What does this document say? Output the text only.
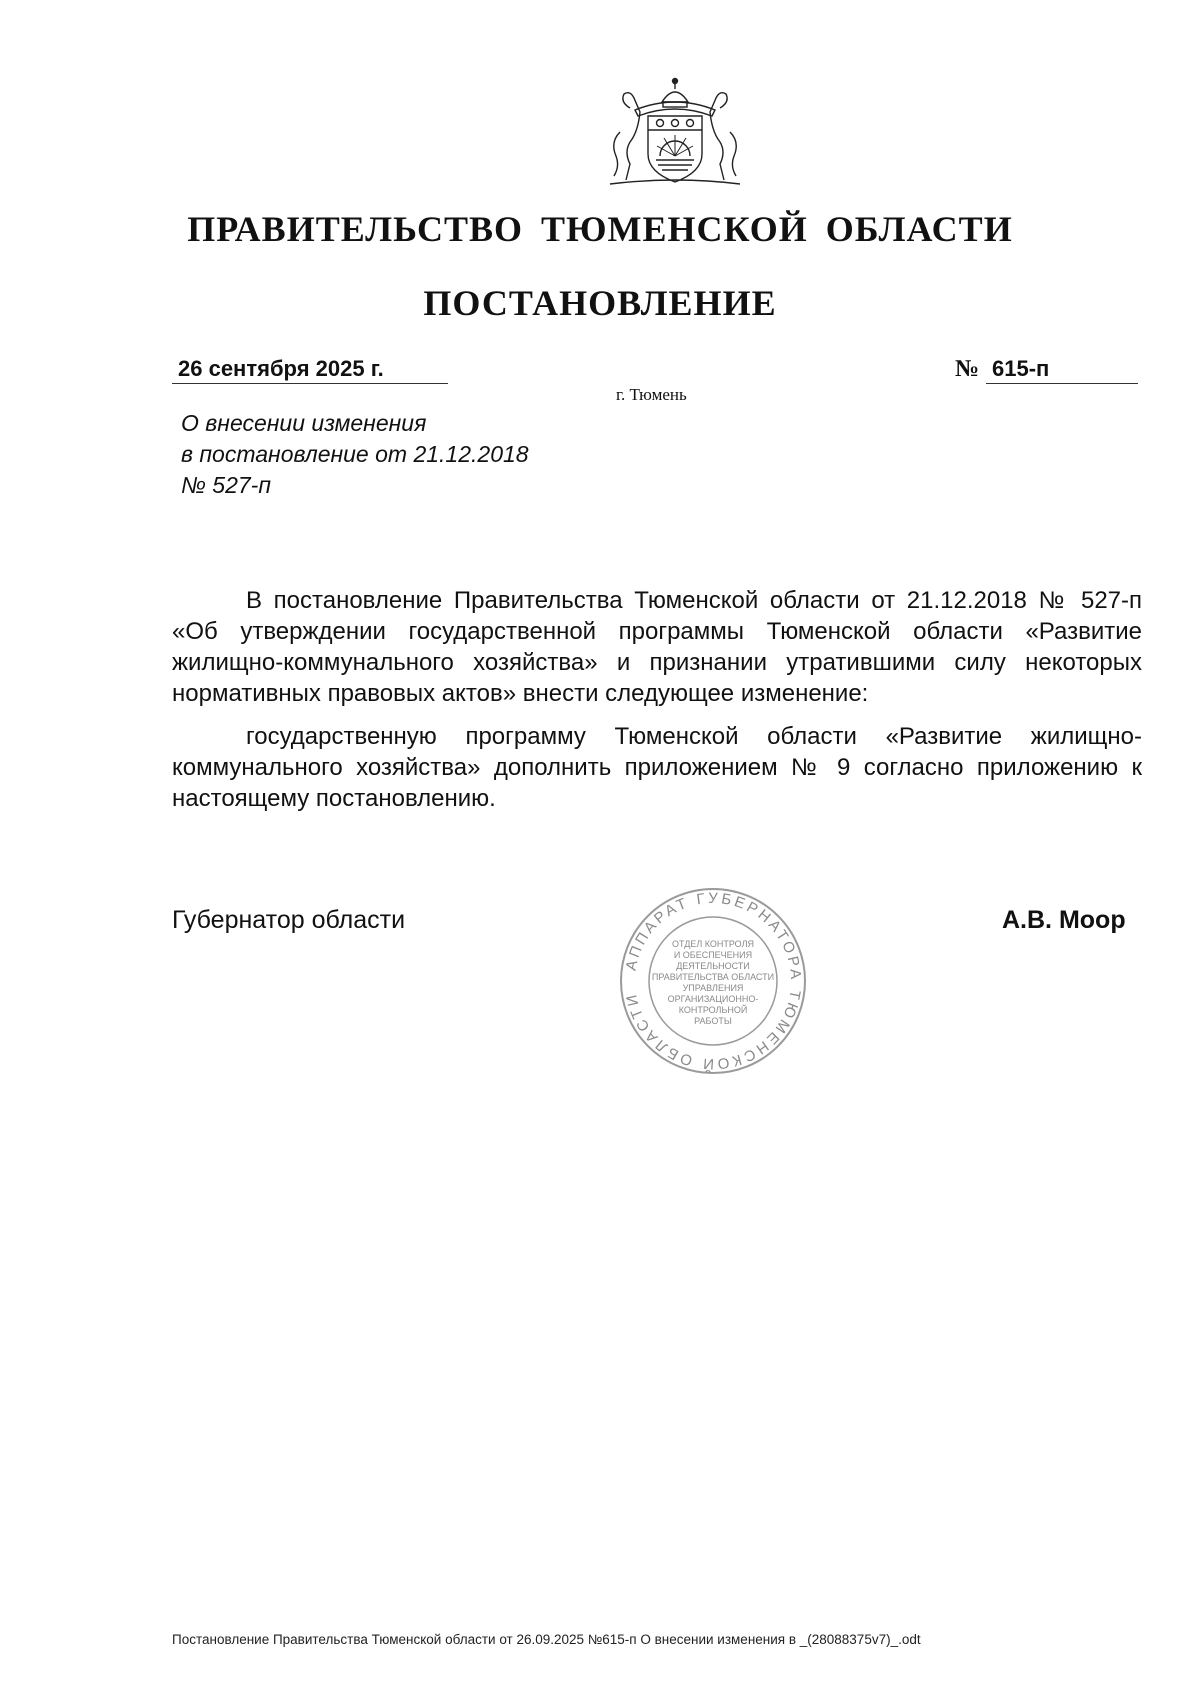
ПРАВИТЕЛЬСТВО ТЮМЕНСКОЙ ОБЛАСТИ
ПОСТАНОВЛЕНИЕ
26 сентября 2025 г.	№ 615-п
г. Тюмень
О внесении изменения
в постановление от 21.12.2018
№ 527-п

В постановление Правительства Тюменской области от 21.12.2018 № 527-п «Об утверждении государственной программы Тюменской области «Развитие жилищно-коммунального хозяйства» и признании утратившими силу некоторых нормативных правовых актов» внести следующее изменение:

государственную программу Тюменской области «Развитие жилищно-коммунального хозяйства» дополнить приложением № 9 согласно приложению к настоящему постановлению.

Губернатор области	А.В. Моор
АППАРАТ ГУБЕРНАТОРА ТЮМЕНСКОЙ ОБЛАСТИ
ОТДЕЛ КОНТРОЛЯ
И ОБЕСПЕЧЕНИЯ
ДЕЯТЕЛЬНОСТИ
ПРАВИТЕЛЬСТВА ОБЛАСТИ
УПРАВЛЕНИЯ
ОРГАНИЗАЦИОННО-
КОНТРОЛЬНОЙ
РАБОТЫ
Постановление Правительства Тюменской области от 26.09.2025 №615-п О внесении изменения в _(28088375v7)_.odt
